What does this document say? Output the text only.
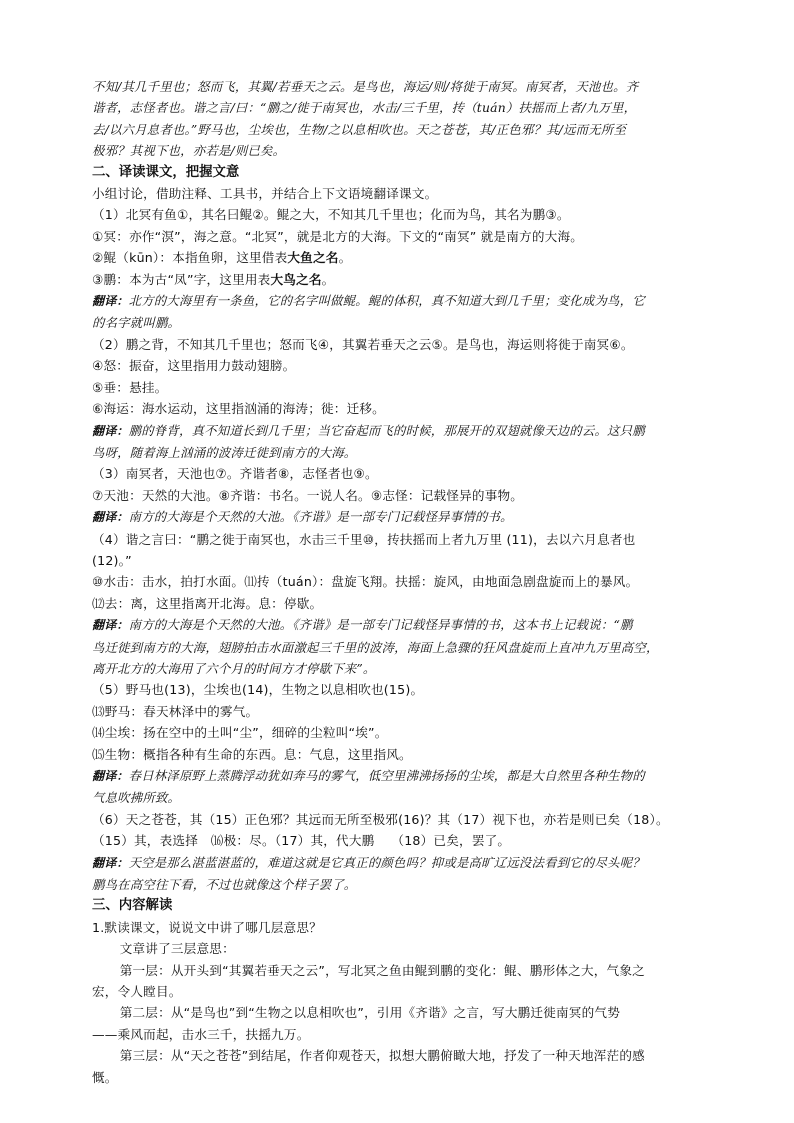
不知/其几千里也；怒而飞，其翼/若垂天之云。是鸟也，海运/则/将徙于南冥。南冥者，天池也。齐

谐者，志怪者也。谐之言/曰：“鹏之/徙于南冥也，水击/三千里，抟（tuán）扶摇而上者/九万里，

去/以六月息者也。”野马也，尘埃也，生物/之以息相吹也。天之苍苍，其/正色邪？其/远而无所至

极邪？其视下也，亦若是/则已矣。

二、译读课文，把握文意

小组讨论，借助注释、工具书，并结合上下文语境翻译课文。

（1）北冥有鱼①，其名曰鲲②。鲲之大，不知其几千里也；化而为鸟，其名为鹏③。

①冥：亦作“溟”，海之意。“北冥”，就是北方的大海。下文的“南冥” 就是南方的大海。

②鲲（kūn）：本指鱼卵，这里借表大鱼之名。

③鹏：本为古“凤”字，这里用表大鸟之名。

翻译：北方的大海里有一条鱼，它的名字叫做鲲。鲲的体积，真不知道大到几千里；变化成为鸟，它

的名字就叫鹏。

（2）鹏之背，不知其几千里也；怒而飞④，其翼若垂天之云⑤。是鸟也，海运则将徙于南冥⑥。

④怒：振奋，这里指用力鼓动翅膀。

⑤垂：悬挂。

⑥海运：海水运动，这里指汹涌的海涛；徙：迁移。

翻译：鹏的脊背，真不知道长到几千里；当它奋起而飞的时候，那展开的双翅就像天边的云。这只鹏

鸟呀，随着海上汹涌的波涛迁徙到南方的大海。

（3）南冥者，天池也⑦。齐谐者⑧，志怪者也⑨。

⑦天池：天然的大池。⑧齐谐：书名。一说人名。⑨志怪：记载怪异的事物。

翻译：南方的大海是个天然的大池。《齐谐》是一部专门记载怪异事情的书。

（4）谐之言曰：“鹏之徙于南冥也，水击三千里⑩，抟扶摇而上者九万里 (11)，去以六月息者也

(12)。”

⑩水击：击水，拍打水面。⑾抟（tuán）：盘旋飞翔。扶摇：旋风，由地面急剧盘旋而上的暴风。

⑿去：离，这里指离开北海。息：停歇。

翻译：南方的大海是个天然的大池。《齐谐》是一部专门记载怪异事情的书，这本书上记载说：“鹏

鸟迁徙到南方的大海，翅膀拍击水面激起三千里的波涛，海面上急骤的狂风盘旋而上直冲九万里高空，

离开北方的大海用了六个月的时间方才停歇下来”。

（5）野马也(13)，尘埃也(14)，生物之以息相吹也(15)。

⒀野马：春天林泽中的雾气。

⒁尘埃：扬在空中的土叫“尘”，细碎的尘粒叫“埃”。

⒂生物：概指各种有生命的东西。息：气息，这里指风。

翻译：春日林泽原野上蒸腾浮动犹如奔马的雾气，低空里沸沸扬扬的尘埃，都是大自然里各种生物的

气息吹拂所致。

（6）天之苍苍，其（15）正色邪？其远而无所至极邪(16)？其（17）视下也，亦若是则已矣（18）。

（15）其，表选择　⒃极：尽。（17）其，代大鹏　 （18）已矣，罢了。

翻译：天空是那么湛蓝湛蓝的，难道这就是它真正的颜色吗？抑或是高旷辽远没法看到它的尽头呢？

鹏鸟在高空往下看，不过也就像这个样子罢了。

三、内容解读

1.默读课文，说说文中讲了哪几层意思？

文章讲了三层意思：

第一层：从开头到“其翼若垂天之云”，写北冥之鱼由鲲到鹏的变化：鲲、鹏形体之大，气象之

宏，令人瞠目。

第二层：从“是鸟也”到“生物之以息相吹也”，引用《齐谐》之言，写大鹏迁徙南冥的气势

——乘风而起，击水三千，扶摇九万。

第三层：从“天之苍苍”到结尾，作者仰观苍天，拟想大鹏俯瞰大地，抒发了一种天地浑茫的感

慨。
